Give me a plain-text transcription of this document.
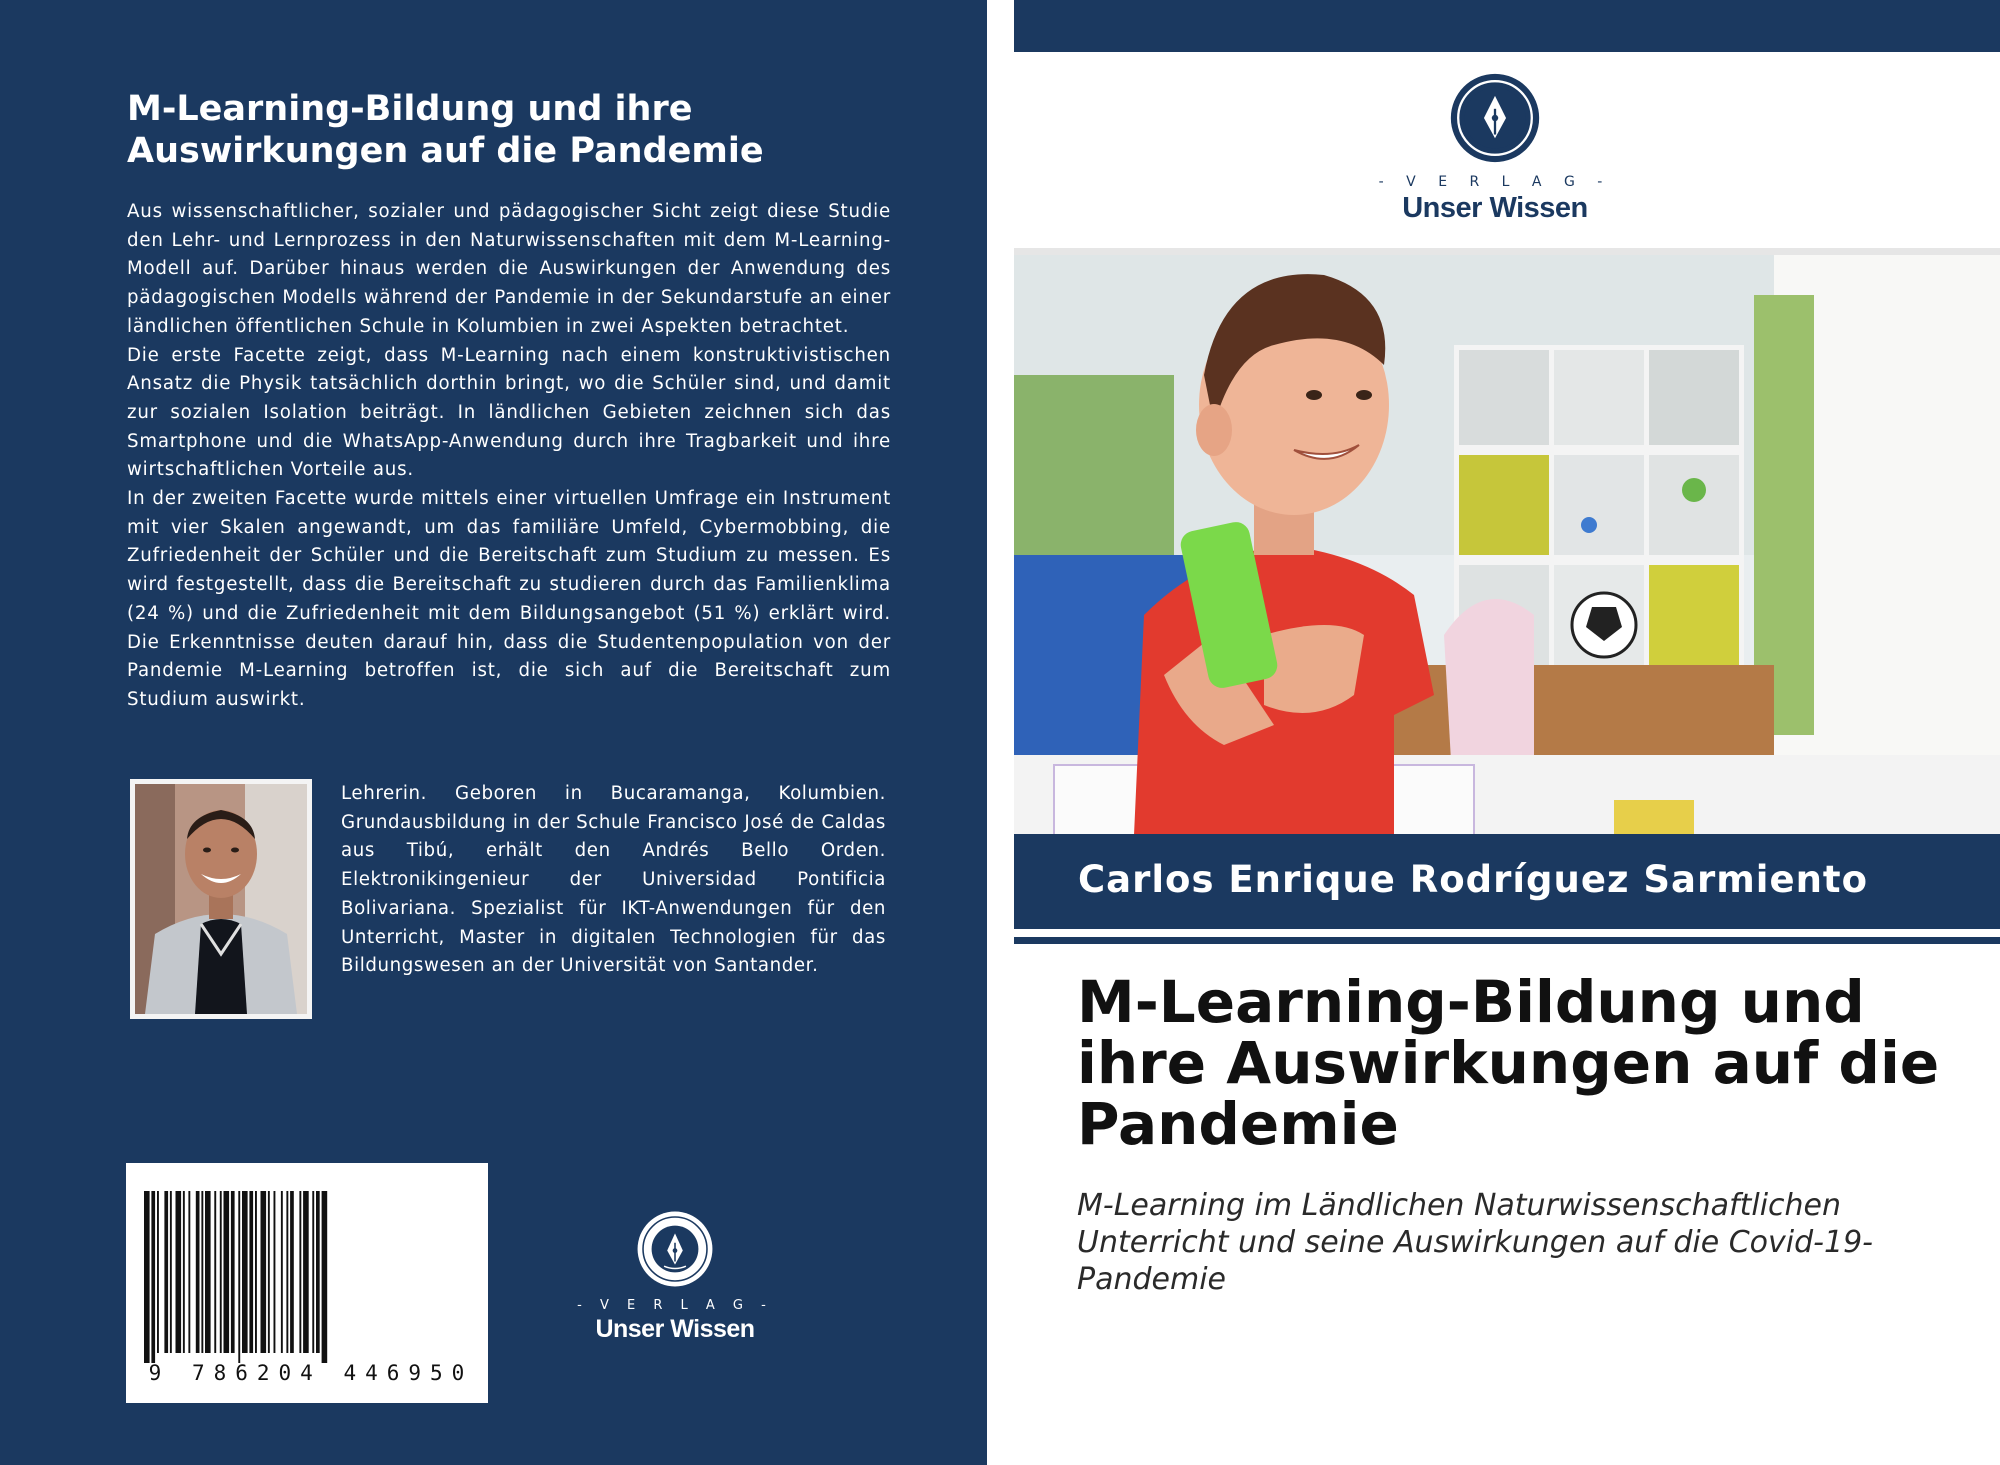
M-Learning-Bildung und ihre Auswirkungen auf die Pandemie

Aus wissenschaftlicher, sozialer und pädagogischer Sicht zeigt diese Studie den Lehr- und Lernprozess in den Naturwissenschaften mit dem M-Learning-Modell auf. Darüber hinaus werden die Auswirkungen der Anwendung des pädagogischen Modells während der Pandemie in der Sekundarstufe an einer ländlichen öffentlichen Schule in Kolumbien in zwei Aspekten betrachtet.

Die erste Facette zeigt, dass M-Learning nach einem konstruktivistischen Ansatz die Physik tatsächlich dorthin bringt, wo die Schüler sind, und damit zur sozialen Isolation beiträgt. In ländlichen Gebieten zeichnen sich das Smartphone und die WhatsApp-Anwendung durch ihre Tragbarkeit und ihre wirtschaftlichen Vorteile aus.

In der zweiten Facette wurde mittels einer virtuellen Umfrage ein Instrument mit vier Skalen angewandt, um das familiäre Umfeld, Cybermobbing, die Zufriedenheit der Schüler und die Bereitschaft zum Studium zu messen. Es wird festgestellt, dass die Bereitschaft zu studieren durch das Familienklima (24 %) und die Zufriedenheit mit dem Bildungsangebot (51 %) erklärt wird. Die Erkenntnisse deuten darauf hin, dass die Studentenpopulation von der Pandemie M-Learning betroffen ist, die sich auf die Bereitschaft zum Studium auswirkt.

Lehrerin. Geboren in Bucaramanga, Kolumbien. Grundausbildung in der Schule Francisco José de Caldas aus Tibú, erhält den Andrés Bello Orden. Elektronikingenieur der Universidad Pontificia Bolivariana. Spezialist für IKT-Anwendungen für den Unterricht, Master in digitalen Technologien für das Bildungswesen an der Universität von Santander.
9 786204 446950
- V E R L A G -
Unser Wissen
- V E R L A G -
Unser Wissen
Carlos Enrique Rodríguez Sarmiento
M-Learning-Bildung und ihre Auswirkungen auf die Pandemie
M-Learning im Ländlichen Naturwissenschaftlichen Unterricht und seine Auswirkungen auf die Covid-19-Pandemie
